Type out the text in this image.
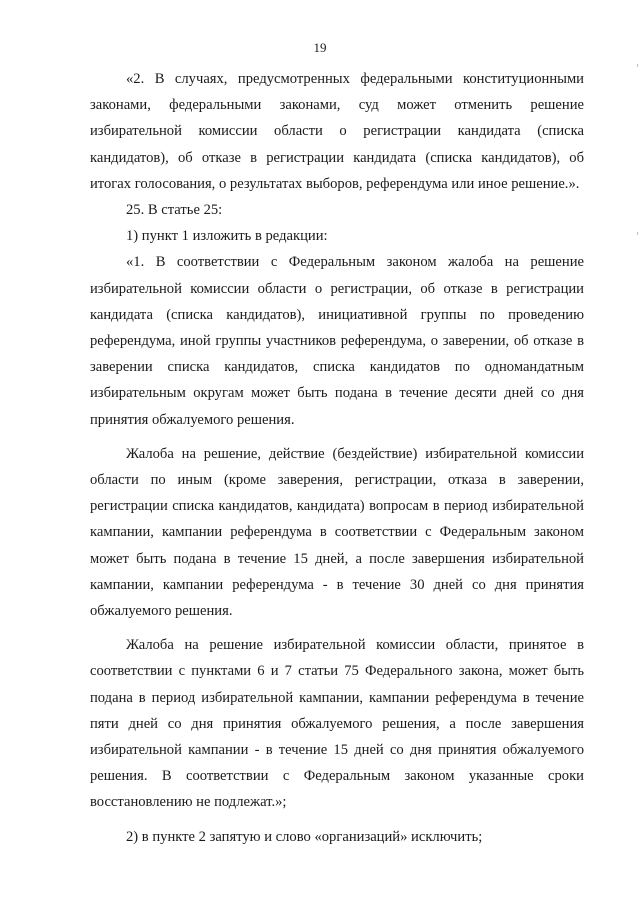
19

«2. В случаях, предусмотренных федеральными конституционными законами, федеральными законами, суд может отменить решение избирательной комиссии области о регистрации кандидата (списка кандидатов), об отказе в регистрации кандидата (списка кандидатов), об итогах голосования, о результатах выборов, референдума или иное решение.».

25. В статье 25:

1) пункт 1 изложить в редакции:

«1. В соответствии с Федеральным законом жалоба на решение избирательной комиссии области о регистрации, об отказе в регистрации кандидата (списка кандидатов), инициативной группы по проведению референдума, иной группы участников референдума, о заверении, об отказе в заверении списка кандидатов, списка кандидатов по одномандатным избирательным округам может быть подана в течение десяти дней со дня принятия обжалуемого решения.

Жалоба на решение, действие (бездействие) избирательной комиссии области по иным (кроме заверения, регистрации, отказа в заверении, регистрации списка кандидатов, кандидата) вопросам в период избирательной кампании, кампании референдума в соответствии с Федеральным законом может быть подана в течение 15 дней, а после завершения избирательной кампании, кампании референдума - в течение 30 дней со дня принятия обжалуемого решения.

Жалоба на решение избирательной комиссии области, принятое в соответствии с пунктами 6 и 7 статьи 75 Федерального закона, может быть подана в период избирательной кампании, кампании референдума в течение пяти дней со дня принятия обжалуемого решения, а после завершения избирательной кампании - в течение 15 дней со дня принятия обжалуемого решения. В соответствии с Федеральным законом указанные сроки восстановлению не подлежат.»;

2) в пункте 2 запятую и слово «организаций» исключить;
